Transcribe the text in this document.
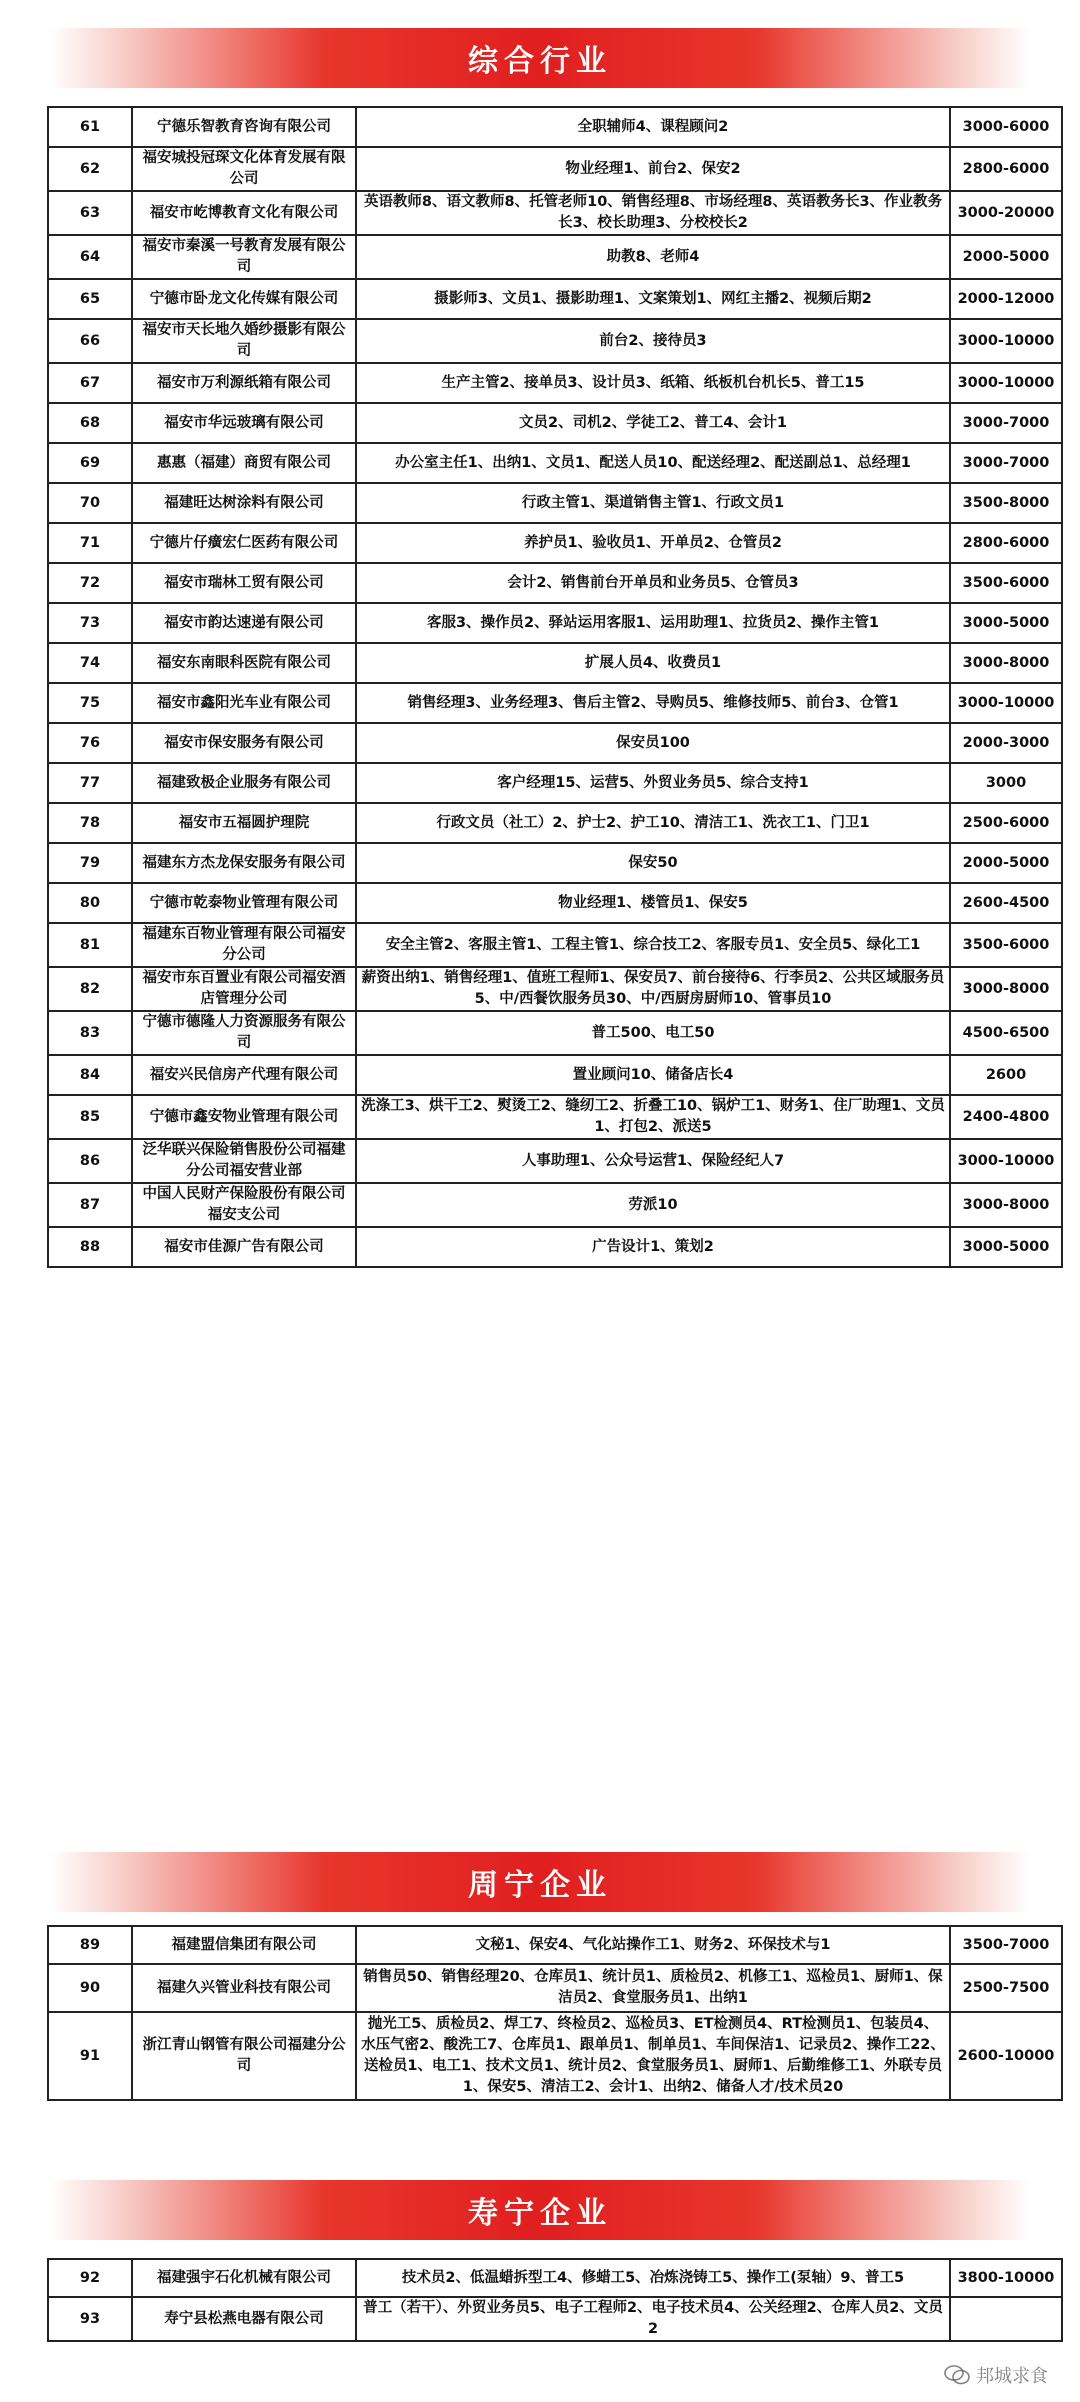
综合行业
61	宁德乐智教育咨询有限公司	全职辅师4、课程顾问2	3000-6000
62	福安城投冠琛文化体育发展有限公司	物业经理1、前台2、保安2	2800-6000
63	福安市屹博教育文化有限公司	英语教师8、语文教师8、托管老师10、销售经理8、市场经理8、英语教务长3、作业教务长3、校长助理3、分校校长2	3000-20000
64	福安市秦溪一号教育发展有限公司	助教8、老师4	2000-5000
65	宁德市卧龙文化传媒有限公司	摄影师3、文员1、摄影助理1、文案策划1、网红主播2、视频后期2	2000-12000
66	福安市天长地久婚纱摄影有限公司	前台2、接待员3	3000-10000
67	福安市万利源纸箱有限公司	生产主管2、接单员3、设计员3、纸箱、纸板机台机长5、普工15	3000-10000
68	福安市华远玻璃有限公司	文员2、司机2、学徒工2、普工4、会计1	3000-7000
69	惠惠（福建）商贸有限公司	办公室主任1、出纳1、文员1、配送人员10、配送经理2、配送副总1、总经理1	3000-7000
70	福建旺达树涂料有限公司	行政主管1、渠道销售主管1、行政文员1	3500-8000
71	宁德片仔癀宏仁医药有限公司	养护员1、验收员1、开单员2、仓管员2	2800-6000
72	福安市瑞林工贸有限公司	会计2、销售前台开单员和业务员5、仓管员3	3500-6000
73	福安市韵达速递有限公司	客服3、操作员2、驿站运用客服1、运用助理1、拉货员2、操作主管1	3000-5000
74	福安东南眼科医院有限公司	扩展人员4、收费员1	3000-8000
75	福安市鑫阳光车业有限公司	销售经理3、业务经理3、售后主管2、导购员5、维修技师5、前台3、仓管1	3000-10000
76	福安市保安服务有限公司	保安员100	2000-3000
77	福建致极企业服务有限公司	客户经理15、运营5、外贸业务员5、综合支持1	3000
78	福安市五福圆护理院	行政文员（社工）2、护士2、护工10、清洁工1、洗衣工1、门卫1	2500-6000
79	福建东方杰龙保安服务有限公司	保安50	2000-5000
80	宁德市乾泰物业管理有限公司	物业经理1、楼管员1、保安5	2600-4500
81	福建东百物业管理有限公司福安分公司	安全主管2、客服主管1、工程主管1、综合技工2、客服专员1、安全员5、绿化工1	3500-6000
82	福安市东百置业有限公司福安酒店管理分公司	薪资出纳1、销售经理1、值班工程师1、保安员7、前台接待6、行李员2、公共区域服务员5、中/西餐饮服务员30、中/西厨房厨师10、管事员10	3000-8000
83	宁德市德隆人力资源服务有限公司	普工500、电工50	4500-6500
84	福安兴民信房产代理有限公司	置业顾问10、储备店长4	2600
85	宁德市鑫安物业管理有限公司	洗涤工3、烘干工2、熨烫工2、缝纫工2、折叠工10、锅炉工1、财务1、住厂助理1、文员1、打包2、派送5	2400-4800
86	泛华联兴保险销售股份公司福建分公司福安营业部	人事助理1、公众号运营1、保险经纪人7	3000-10000
87	中国人民财产保险股份有限公司福安支公司	劳派10	3000-8000
88	福安市佳源广告有限公司	广告设计1、策划2	3000-5000
周宁企业
89	福建盟信集团有限公司	文秘1、保安4、气化站操作工1、财务2、环保技术与1	3500-7000
90	福建久兴管业科技有限公司	销售员50、销售经理20、仓库员1、统计员1、质检员2、机修工1、巡检员1、厨师1、保洁员2、食堂服务员1、出纳1	2500-7500
91	浙江青山钢管有限公司福建分公司	抛光工5、质检员2、焊工7、终检员2、巡检员3、ET检测员4、RT检测员1、包装员4、水压气密2、酸洗工7、仓库员1、跟单员1、制单员1、车间保洁1、记录员2、操作工22、送检员1、电工1、技术文员1、统计员2、食堂服务员1、厨师1、后勤维修工1、外联专员1、保安5、清洁工2、会计1、出纳2、储备人才/技术员20	2600-10000
寿宁企业
92	福建强宇石化机械有限公司	技术员2、低温蜡拆型工4、修蜡工5、冶炼浇铸工5、操作工(泵轴）9、普工5	3800-10000
93	寿宁县松燕电器有限公司	普工（若干）、外贸业务员5、电子工程师2、电子技术员4、公关经理2、仓库人员2、文员2	
邦城求食
